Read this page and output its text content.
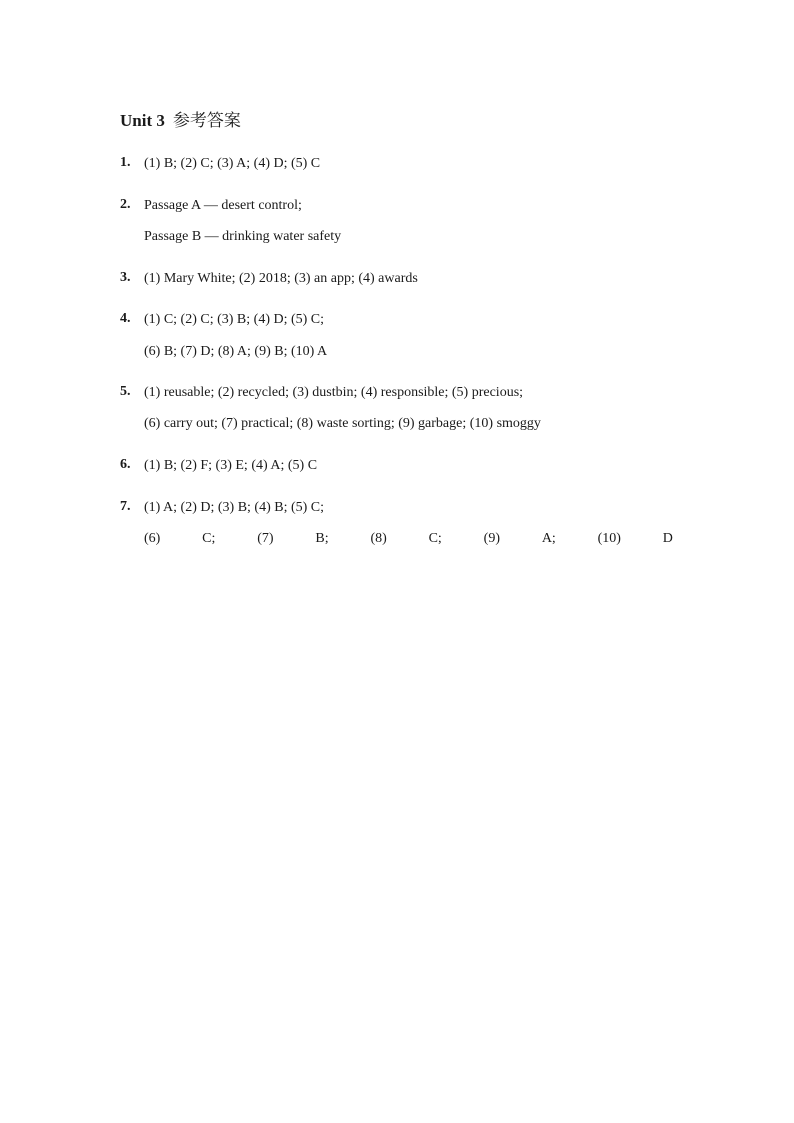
Unit 3 参考答案
1. (1) B; (2) C; (3) A; (4) D; (5) C
2. Passage A — desert control;
Passage B — drinking water safety
3. (1) Mary White; (2) 2018; (3) an app; (4) awards
4. (1) C; (2) C; (3) B; (4) D; (5) C;
(6) B; (7) D; (8) A; (9) B; (10) A
5. (1) reusable; (2) recycled; (3) dustbin; (4) responsible; (5) precious;
(6) carry out; (7) practical; (8) waste sorting; (9) garbage; (10) smoggy
6. (1) B; (2) F; (3) E; (4) A; (5) C
7. (1) A; (2) D; (3) B; (4) B; (5) C;
(6)	C;	(7)	B;	(8)	C;	(9)	A;	(10)	D
